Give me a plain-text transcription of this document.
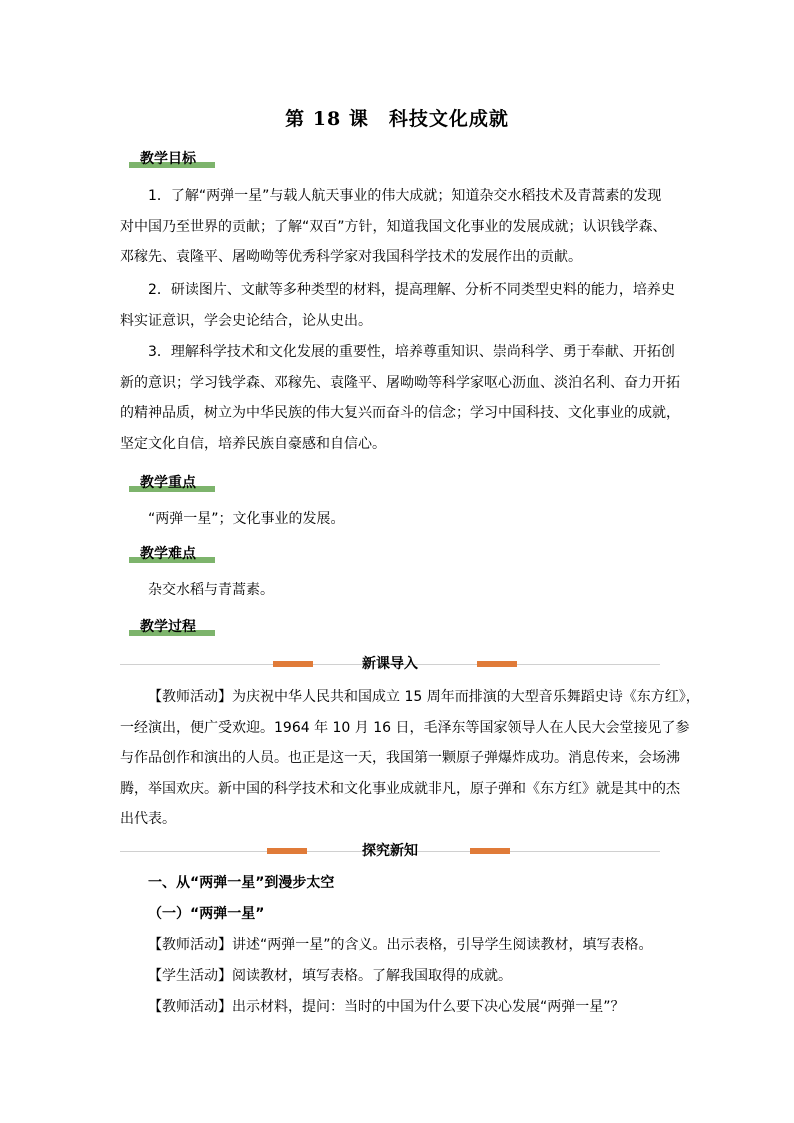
第 18 课　科技文化成就
教学目标
1．了解“两弹一星”与载人航天事业的伟大成就；知道杂交水稻技术及青蒿素的发现
对中国乃至世界的贡献；了解“双百”方针，知道我国文化事业的发展成就；认识钱学森、
邓稼先、袁隆平、屠呦呦等优秀科学家对我国科学技术的发展作出的贡献。
2．研读图片、文献等多种类型的材料，提高理解、分析不同类型史料的能力，培养史
料实证意识，学会史论结合，论从史出。
3．理解科学技术和文化发展的重要性，培养尊重知识、崇尚科学、勇于奉献、开拓创
新的意识；学习钱学森、邓稼先、袁隆平、屠呦呦等科学家呕心沥血、淡泊名利、奋力开拓
的精神品质，树立为中华民族的伟大复兴而奋斗的信念；学习中国科技、文化事业的成就，
坚定文化自信，培养民族自豪感和自信心。
教学重点
“两弹一星”；文化事业的发展。
教学难点
杂交水稻与青蒿素。
教学过程
新课导入
【教师活动】为庆祝中华人民共和国成立 15 周年而排演的大型音乐舞蹈史诗《东方红》，
一经演出，便广受欢迎。1964 年 10 月 16 日，毛泽东等国家领导人在人民大会堂接见了参
与作品创作和演出的人员。也正是这一天，我国第一颗原子弹爆炸成功。消息传来，会场沸
腾，举国欢庆。新中国的科学技术和文化事业成就非凡，原子弹和《东方红》就是其中的杰
出代表。
探究新知
一、从“两弹一星”到漫步太空
（一）“两弹一星”
【教师活动】讲述“两弹一星”的含义。出示表格，引导学生阅读教材，填写表格。
【学生活动】阅读教材，填写表格。了解我国取得的成就。
【教师活动】出示材料，提问：当时的中国为什么要下决心发展“两弹一星”？
